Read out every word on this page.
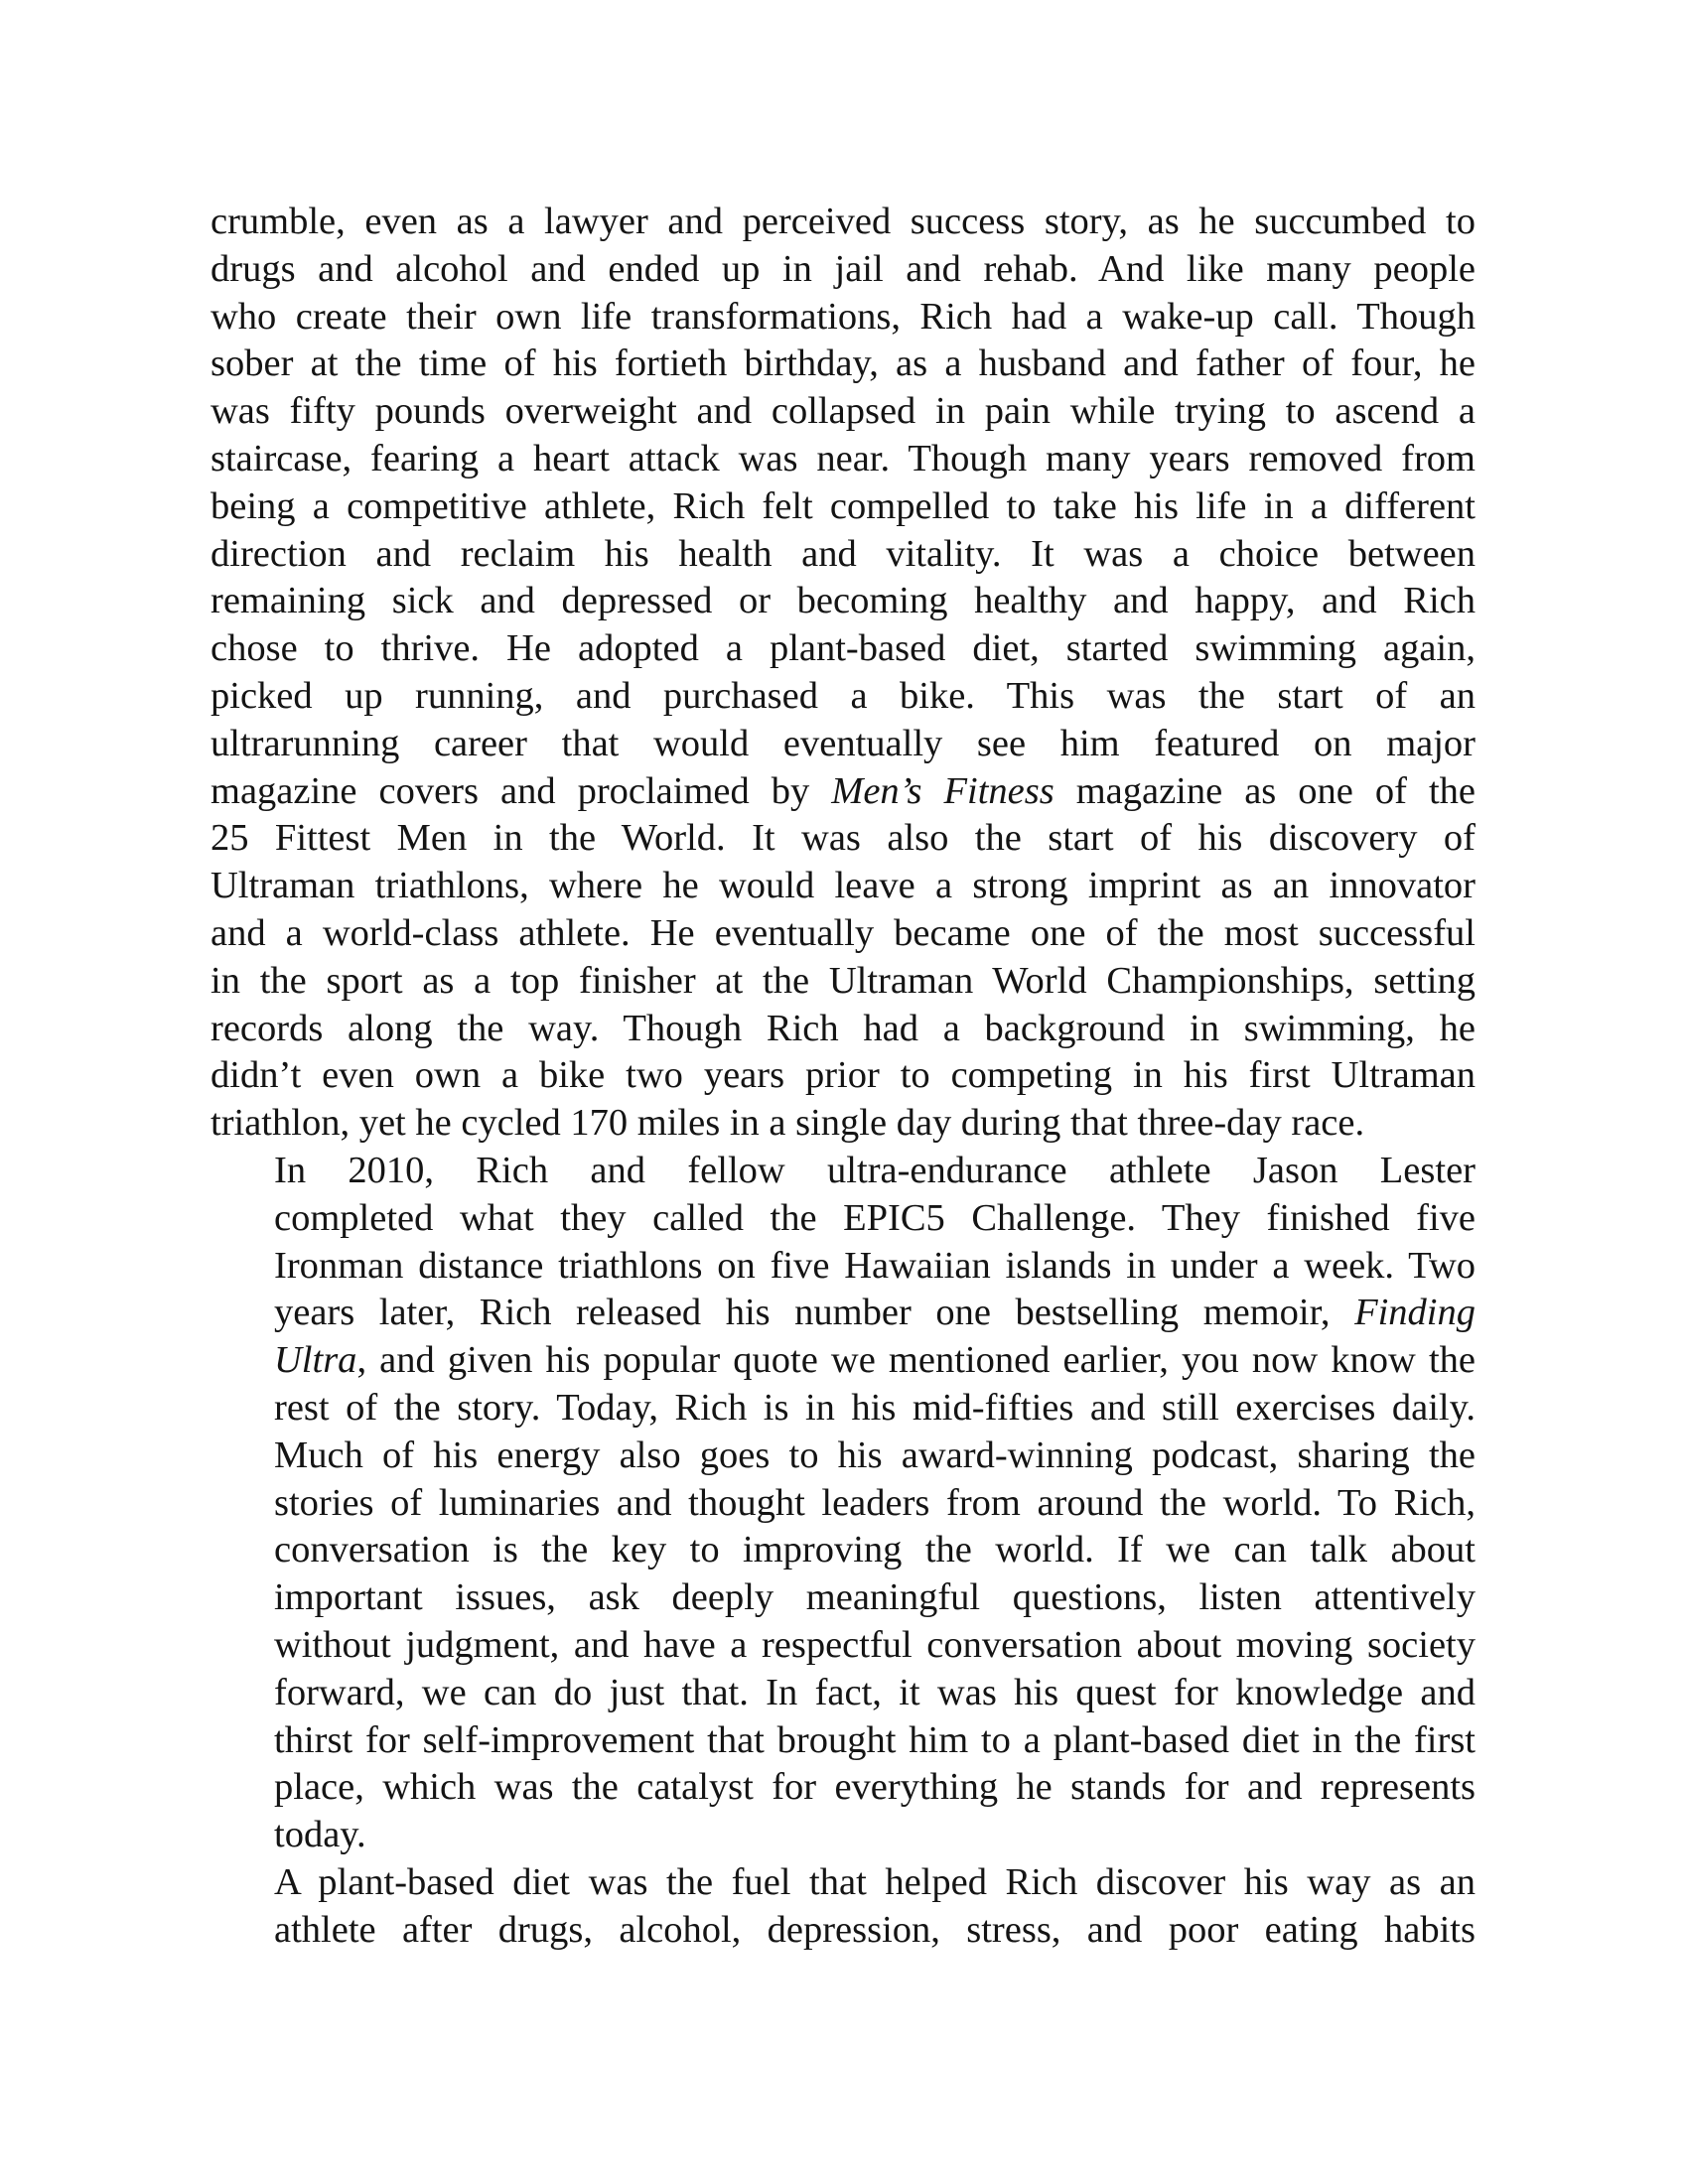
crumble, even as a lawyer and perceived success story, as he succumbed to
drugs and alcohol and ended up in jail and rehab. And like many people
who create their own life transformations, Rich had a wake-up call. Though
sober at the time of his fortieth birthday, as a husband and father of four, he
was fifty pounds overweight and collapsed in pain while trying to ascend a
staircase, fearing a heart attack was near. Though many years removed from
being a competitive athlete, Rich felt compelled to take his life in a different
direction and reclaim his health and vitality. It was a choice between
remaining sick and depressed or becoming healthy and happy, and Rich
chose to thrive. He adopted a plant-based diet, started swimming again,
picked up running, and purchased a bike. This was the start of an
ultrarunning career that would eventually see him featured on major
magazine covers and proclaimed by Men’s Fitness magazine as one of the
25 Fittest Men in the World. It was also the start of his discovery of
Ultraman triathlons, where he would leave a strong imprint as an innovator
and a world-class athlete. He eventually became one of the most successful
in the sport as a top finisher at the Ultraman World Championships, setting
records along the way. Though Rich had a background in swimming, he
didn’t even own a bike two years prior to competing in his first Ultraman
triathlon, yet he cycled 170 miles in a single day during that three-day race.
In 2010, Rich and fellow ultra-endurance athlete Jason Lester
completed what they called the EPIC5 Challenge. They finished five
Ironman distance triathlons on five Hawaiian islands in under a week. Two
years later, Rich released his number one bestselling memoir, Finding
Ultra, and given his popular quote we mentioned earlier, you now know the
rest of the story. Today, Rich is in his mid-fifties and still exercises daily.
Much of his energy also goes to his award-winning podcast, sharing the
stories of luminaries and thought leaders from around the world. To Rich,
conversation is the key to improving the world. If we can talk about
important issues, ask deeply meaningful questions, listen attentively
without judgment, and have a respectful conversation about moving society
forward, we can do just that. In fact, it was his quest for knowledge and
thirst for self-improvement that brought him to a plant-based diet in the first
place, which was the catalyst for everything he stands for and represents
today.
A plant-based diet was the fuel that helped Rich discover his way as an
athlete after drugs, alcohol, depression, stress, and poor eating habits
